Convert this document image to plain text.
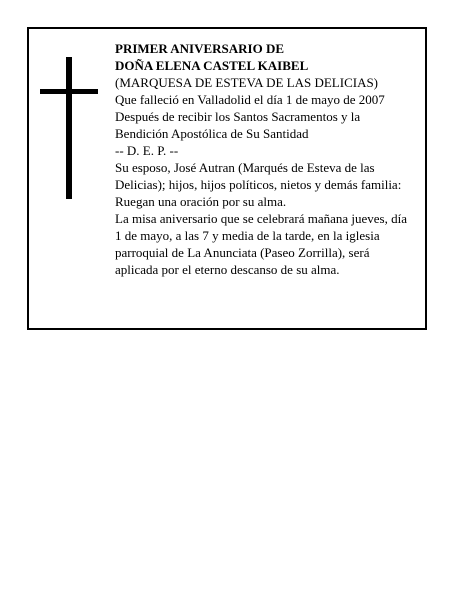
PRIMER ANIVERSARIO DE
DOÑA ELENA CASTEL KAIBEL
(MARQUESA DE ESTEVA DE LAS DELICIAS)
Que falleció en Valladolid el día 1 de mayo de 2007
Después de recibir los Santos Sacramentos y la
Bendición Apostólica de Su Santidad
-- D. E. P. --
Su esposo, José Autran (Marqués de Esteva de las
Delicias); hijos, hijos políticos, nietos y demás familia:
Ruegan una oración por su alma.
La misa aniversario que se celebrará mañana jueves, día
1 de mayo, a las 7 y media de la tarde, en la iglesia
parroquial de La Anunciata (Paseo Zorrilla), será
aplicada por el eterno descanso de su alma.
